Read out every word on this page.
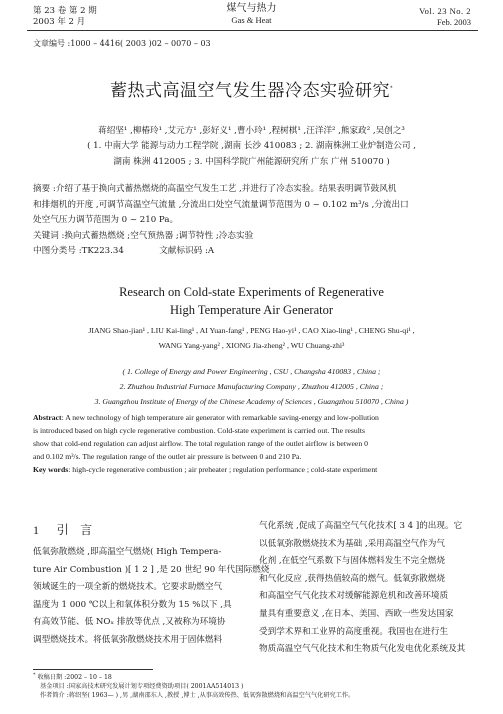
第 23 卷 第 2 期
2003 年 2 月
煤气与热力
Gas & Heat
Vol. 23 No. 2
Feb. 2003
文章编号 :1000 – 4416( 2003 )02 – 0070 – 03
蓄热式高温空气发生器冷态实验研究*
蒋绍坚¹ ,柳椿玲¹ ,艾元方¹ ,彭好义¹ ,曹小玲¹ ,程树棋¹ ,汪洋洋² ,熊家政² ,吴创之³
( 1. 中南大学 能源与动力工程学院 ,湖南 长沙 410083 ; 2. 湖南株洲工业炉制造公司 ,
湖南 株洲 412005 ; 3. 中国科学院广州能源研究所 广东 广州 510070 )
摘要 :介绍了基于换向式蓄热燃烧的高温空气发生工艺 ,并进行了冷态实验。结果表明调节鼓风机
和排烟机的开度 ,可调节高温空气流量 ,分流出口处空气流量调节范围为 0 ~ 0.102 m³/s ,分流出口
处空气压力调节范围为 0 ~ 210 Pa。
关键词 :换向式蓄热燃烧 ;空气预热器 ;调节特性 ;冷态实验
中图分类号 :TK223.34	文献标识码 :A
Research on Cold-state Experiments of Regenerative
High Temperature Air Generator
JIANG Shao-jian¹ , LIU Kai-ling¹ , AI Yuan-fang¹ , PENG Hao-yi¹ , CAO Xiao-ling¹ , CHENG Shu-qi¹ ,
WANG Yang-yang² , XIONG Jia-zheng² , WU Chuang-zhi³
( 1. College of Energy and Power Engineering , CSU , Changsha 410083 , China ;
2. Zhuzhou Industrial Furnace Manufacturing Company , Zhuzhou 412005 , China ;
3. Guangzhou Institute of Energy of the Chinese Academy of Sciences , Guangzhou 510070 , China )
Abstract: A new technology of high temperature air generator with remarkable saving-energy and low-pollution
is introduced based on high cycle regenerative combustion. Cold-state experiment is carried out. The results
show that cold-end regulation can adjust airflow. The total regulation range of the outlet airflow is between 0
and 0.102 m³/s. The regulation range of the outlet air pressure is between 0 and 210 Pa.
Key words: high-cycle regenerative combustion ; air preheater ; regulation performance ; cold-state experiment
1 引   言
低氧弥散燃烧 ,即高温空气燃烧( High Tempera-
ture Air Combustion )[ 1 2 ] ,是 20 世纪 90 年代国际燃烧
领域诞生的一项全新的燃烧技术。它要求助燃空气
温度为 1 000 ℃以上和氧体积分数为 15 %以下 ,具
有高效节能、低 NOₓ 排放等优点 ,又被称为环境协
调型燃烧技术。将低氧弥散燃烧技术用于固体燃料
气化系统 ,促成了高温空气气化技术[ 3 4 ]的出现。它
以低氧弥散燃烧技术为基础 ,采用高温空气作为气
化剂 ,在低空气系数下与固体燃料发生不完全燃烧
和气化反应 ,获得热值较高的燃气。低氧弥散燃烧
和高温空气气化技术对缓解能源危机和改善环境质
量具有重要意义 ,在日本、美国、西欧一些发达国家
受到学术界和工业界的高度重视。我国也在进行生
物质高温空气气化技术和生物质气化发电优化系统及其
* 收稿日期 :2002 – 10 – 18
基金项目 :国家高技术研究发展计划专项经费资助项目( 2001AA514013 )
作者简介 :蒋绍坚( 1963— ) ,男 ,湖南邵东人 ,教授 ,博士 ,从事高效传热、低氧弥散燃烧和高温空气气化研究工作。
